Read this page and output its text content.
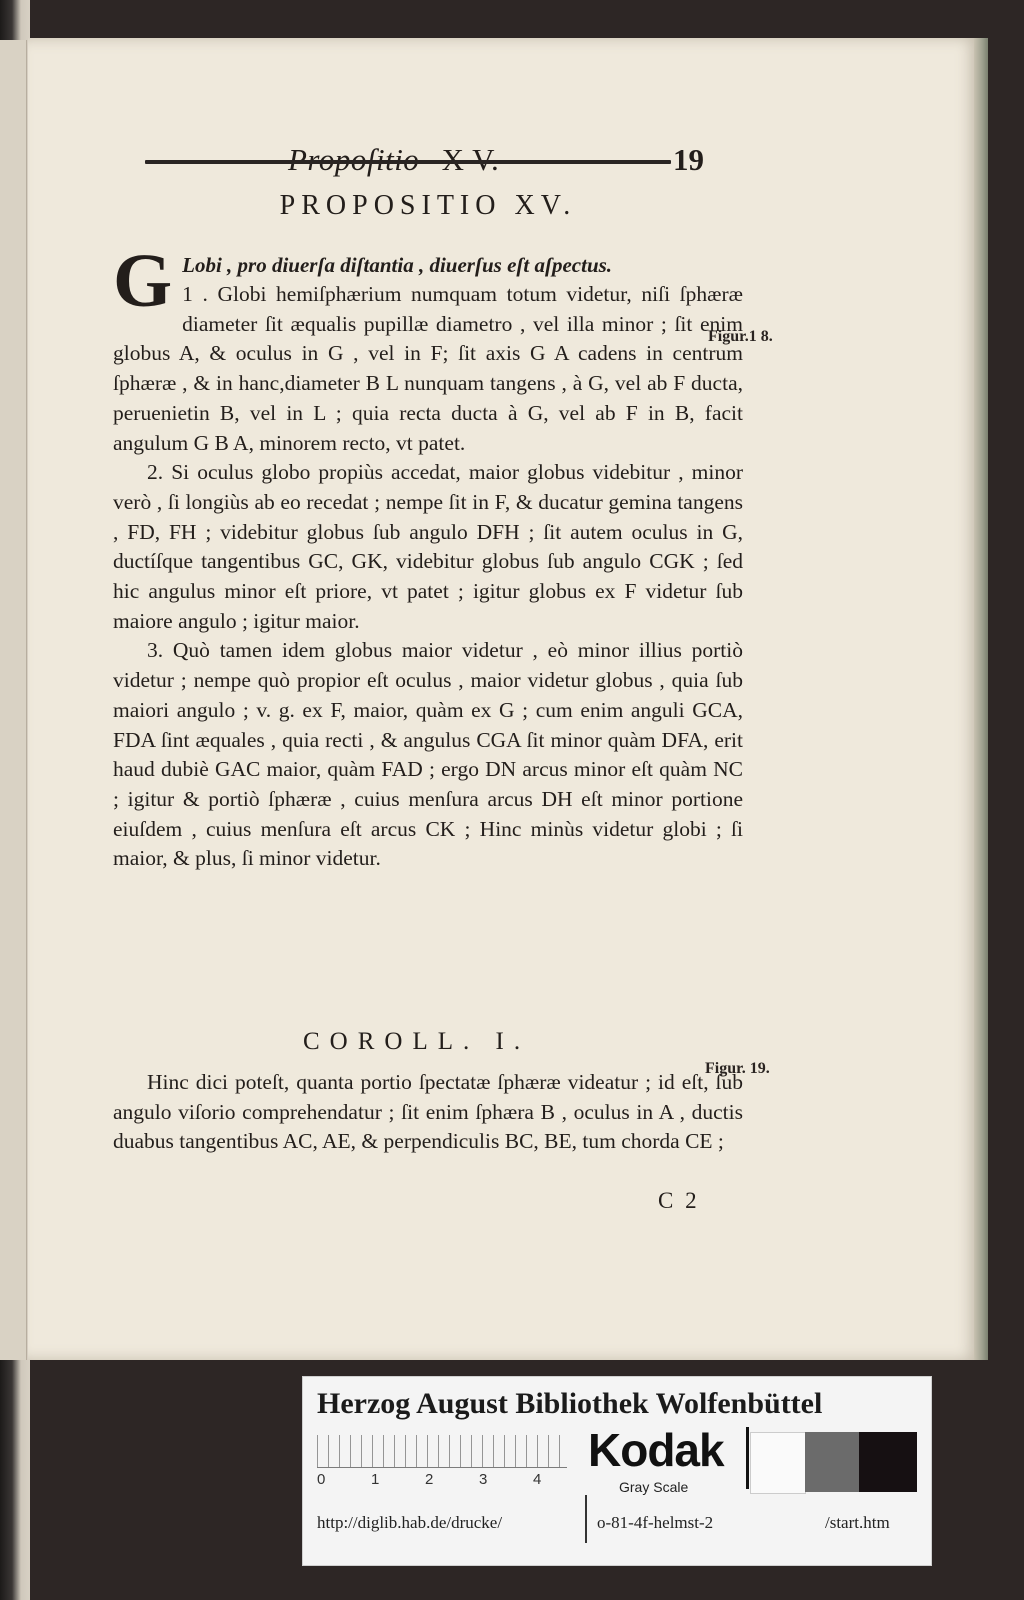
19
PROPOSITIO XV.
G Lobi , pro diuerſa diſtantia , diuerſus eſt aſpectus.

1 . Globi hemiſphærium numquam totum videtur, niſi ſphæræ diameter ſit æqualis pupillæ diametro , vel illa minor ; ſit enim globus A, & oculus in G , vel in F; ſit axis G A cadens in centrum ſphæræ , & in hanc,diameter B L nunquam tangens , à G, vel ab F ducta, peruenietin B, vel in L ; quia recta ducta à G, vel ab F in B, facit angulum G B A, minorem recto, vt patet.

2. Si oculus globo propiùs accedat, maior globus videbitur , minor verò , ſi longiùs ab eo recedat ; nempe ſit in F, & ducatur gemina tangens , FD, FH ; videbitur globus ſub angulo DFH ; ſit autem oculus in G, ductíſque tangentibus GC, GK, videbitur globus ſub angulo CGK ; ſed hic angulus minor eſt priore, vt patet ; igitur globus ex F videtur ſub maiore angulo ; igitur maior.

3. Quò tamen idem globus maior videtur , eò minor illius portiò videtur ; nempe quò propior eſt oculus , maior videtur globus , quia ſub maiori angulo ; v. g. ex F, maior, quàm ex G ; cum enim anguli GCA, FDA ſint æquales , quia recti , & angulus CGA ſit minor quàm DFA, erit haud dubiè GAC maior, quàm FAD ; ergo DN arcus minor eſt quàm NC ; igitur & portiò ſphæræ , cuius menſura arcus DH eſt minor portione eiuſdem , cuius menſura eſt arcus CK ; Hinc minùs videtur globi ; ſi maior, & plus, ſi minor videtur.

COROLL. I.

Hinc dici poteſt, quanta portio ſpectatæ ſphæræ videatur ; id eſt, ſub angulo viſorio comprehendatur ; ſit enim ſphæra B , oculus in A , ductis duabus tangentibus AC, AE, & perpendiculis BC, BE, tum chorda CE ;

C 2
Figur.1 8.
Figur. 19.
Herzog August Bibliothek Wolfenbüttel
0	1	2	3	4
Kodak
Gray Scale
http://diglib.hab.de/drucke/	o-81-4f-helmst-2	/start.htm
